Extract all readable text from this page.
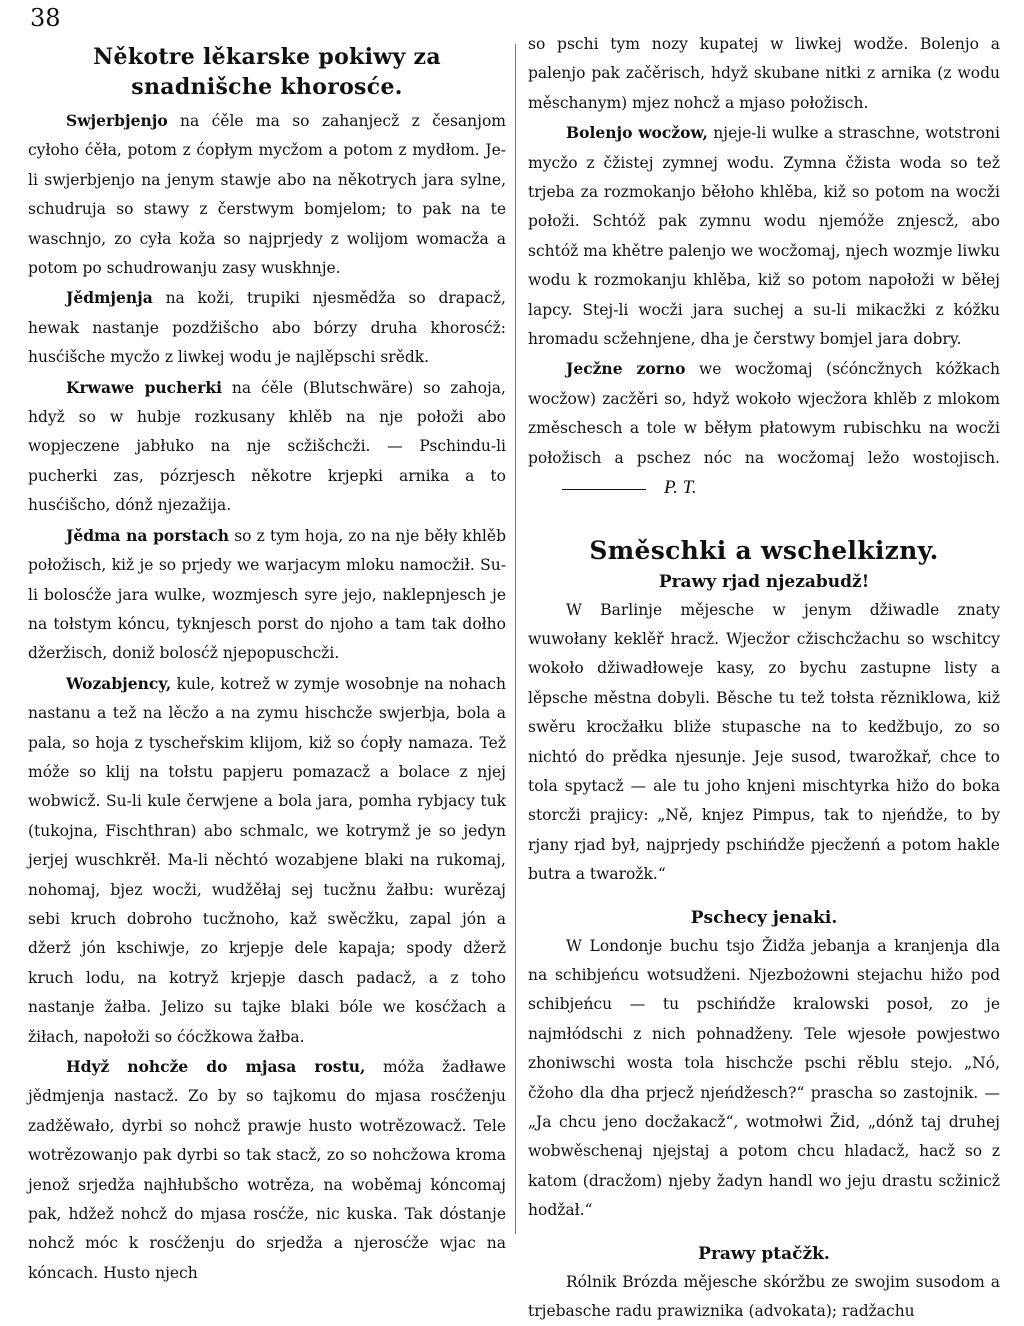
38
Někotre lěkarske pokiwy za snadnišche khorosće.

Swjerbjenjo na ćěle ma so zahanjecž z česanjom cyłoho ćěła, potom z ćopłym mycžom a potom z mydłom. Je-li swjerbjenjo na jenym stawje abo na někotrych jara sylne, schudruja so stawy z čerstwym bomjelom; to pak na te waschnjo, zo cyła koža so najprjedy z wolijom womacža a potom po schudrowanju zasy wuskhnje.

Jědmjenja na koži, trupiki njesmědža so drapacž, hewak nastanje pozdžišcho abo bórzy druha khorosćž: husćišche mycžo z liwkej wodu je najlěpschi srědk.

Krwawe pucherki na ćěle (Blutschwäre) so zahoja, hdyž so w hubje rozkusany khlěb na nje połoži abo wopjeczene jabłuko na nje scžišchcži. — Pschindu-li pucherki zas, pózrjesch někotre krjepki arnika a to husćišcho, dónž njezažija.

Jědma na porstach so z tym hoja, zo na nje běły khlěb połožisch, kiž je so prjedy we warjacym mloku namocžił. Su-li bolosćže jara wulke, wozmjesch syre jejo, naklepnjesch je na tołstym kóncu, tyknjesch porst do njoho a tam tak dołho džeržisch, doniž bolosćž njepopuschcži.

Wozabjency, kule, kotrež w zymje wosobnje na nohach nastanu a tež na lěcžo a na zymu hischcže swjerbja, bola a pala, so hoja z tyscheřskim klijom, kiž so ćopły namaza. Tež móže so klij na tołstu papjeru pomazacž a bolace z njej wobwicž. Su-li kule čerwjene a bola jara, pomha rybjacy tuk (tukojna, Fischthran) abo schmalc, we kotrymž je so jedyn jerjej wuschkrěł. Ma-li něchtó wozabjene blaki na rukomaj, nohomaj, bjez wocži, wudžěłaj sej tucžnu žałbu: wurězaj sebi kruch dobroho tucžnoho, kaž swěcžku, zapal jón a džerž jón kschiwje, zo krjepje dele kapaja; spody džerž kruch lodu, na kotryž krjepje dasch padacž, a z toho nastanje žałba. Jelizo su tajke blaki bóle we kosćžach a žiłach, napołoži so ćócžkowa žałba.

Hdyž nohcže do mjasa rostu, móža žadławe jědmjenja nastacž. Zo by so tajkomu do mjasa rosćženju zadžěwało, dyrbi so nohcž prawje husto wotrězowacž. Tele wotrězowanjo pak dyrbi so tak stacž, zo so nohcžowa kroma jenož srjedža najhłubšcho wotrěza, na woběmaj kóncomaj pak, hdžež nohcž do mjasa rosćže, nic kuska. Tak dóstanje nohcž móc k rosćženju do srjedža a njerosćže wjac na kóncach. Husto njech

so pschi tym nozy kupatej w liwkej wodže. Bolenjo a palenjo pak začěrisch, hdyž skubane nitki z arnika (z wodu měschanym) mjez nohcž a mjaso połožisch.

Bolenjo wocžow, njeje-li wulke a straschne, wotstroni mycžo z čžistej zymnej wodu. Zymna čžista woda so tež trjeba za rozmokanjo běłoho khlěba, kiž so potom na wocži połoži. Schtóž pak zymnu wodu njemóže znjescž, abo schtóž ma khětre palenjo we wocžomaj, njech wozmje liwku wodu k rozmokanju khlěba, kiž so potom napołoži w běłej lapcy. Stej-li wocži jara suchej a su-li mikacžki z kóžku hromadu scžehnjene, dha je čerstwy bomjel jara dobry.

Jecžne zorno we wocžomaj (sćóncžnych kóžkach wocžow) zacžěri so, hdyž wokoło wjecžora khlěb z mlokom změschesch a tole w běłym płatowym rubischku na wocži połožisch a pschez nóc na wocžomaj ležo wostojisch. P. T.

Směschki a wschelkizny.
Prawy rjad njezabudž!

W Barlinje mějesche w jenym džiwadle znaty wuwołany keklěř hracž. Wjecžor cžischcžachu so wschitcy wokoło džiwadłoweje kasy, zo bychu zastupne listy a lěpsche městna dobyli. Běsche tu tež tołsta rězniklowa, kiž swěru krocžałku bliže stupasche na to kedžbujo, zo so nichtó do prědka njesunje. Jeje susod, twarožkař, chce to tola spytacž — ale tu joho knjeni mischtyrka hižo do boka storcži prajicy: „Ně, knjez Pimpus, tak to njeńdže, to by rjany rjad był, najprjedy pschińdže pjecženń a potom hakle butra a twarožk.“

Pschecy jenaki.

W Londonje buchu tsjo Židža jebanja a kranjenja dla na schibjeńcu wotsudženi. Njezbożowni stejachu hižo pod schibjeńcu — tu pschińdže kralowski posoł, zo je najmłódschi z nich pohnadženy. Tele wjesołe powjestwo zhoniwschi wosta tola hischcže pschi rěblu stejo. „Nó, čžoho dla dha prjecž njeńdžesch?“ prascha so zastojnik. — „Ja chcu jeno docžakacž“, wotmołwi Žid, „dónž taj druhej wobwěschenaj njejstaj a potom chcu hladacž, hacž so z katom (dracžom) njeby žadyn handl wo jeju drastu scžinicž hodžał.“

Prawy ptačžk.

Rólnik Brózda mějesche skóržbu ze swojim susodom a trjebasche radu prawiznika (advokata); radžachu
